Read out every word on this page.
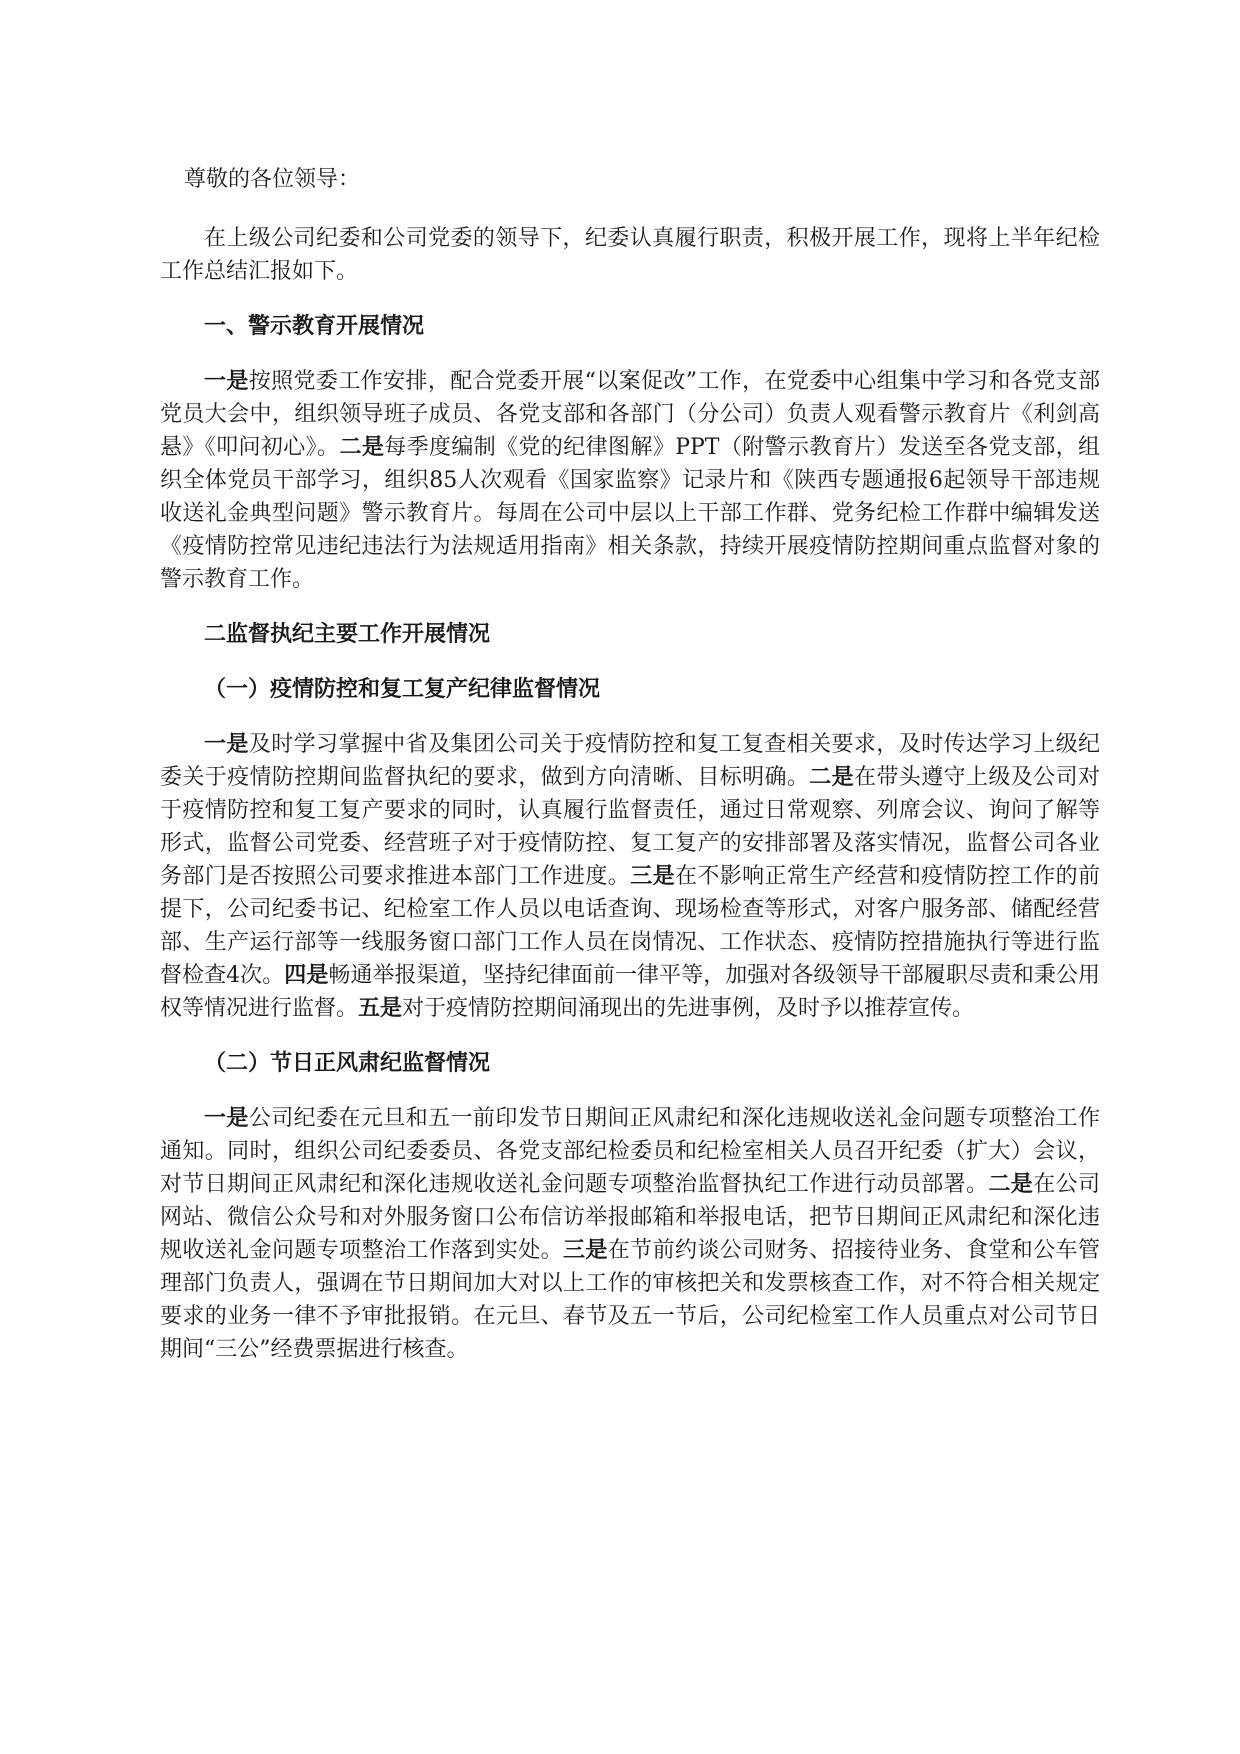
尊敬的各位领导：

在上级公司纪委和公司党委的领导下，纪委认真履行职责，积极开展工作，现将上半年纪检工作总结汇报如下。

一、警示教育开展情况

一是按照党委工作安排，配合党委开展“以案促改”工作，在党委中心组集中学习和各党支部党员大会中，组织领导班子成员、各党支部和各部门（分公司）负责人观看警示教育片《利剑高悬》《叩问初心》。二是每季度编制《党的纪律图解》PPT（附警示教育片）发送至各党支部，组织全体党员干部学习，组织85人次观看《国家监察》记录片和《陕西专题通报6起领导干部违规收送礼金典型问题》警示教育片。每周在公司中层以上干部工作群、党务纪检工作群中编辑发送《疫情防控常见违纪违法行为法规适用指南》相关条款，持续开展疫情防控期间重点监督对象的警示教育工作。

二监督执纪主要工作开展情况

（一）疫情防控和复工复产纪律监督情况

一是及时学习掌握中省及集团公司关于疫情防控和复工复查相关要求，及时传达学习上级纪委关于疫情防控期间监督执纪的要求，做到方向清晰、目标明确。二是在带头遵守上级及公司对于疫情防控和复工复产要求的同时，认真履行监督责任，通过日常观察、列席会议、询问了解等形式，监督公司党委、经营班子对于疫情防控、复工复产的安排部署及落实情况，监督公司各业务部门是否按照公司要求推进本部门工作进度。三是在不影响正常生产经营和疫情防控工作的前提下，公司纪委书记、纪检室工作人员以电话查询、现场检查等形式，对客户服务部、储配经营部、生产运行部等一线服务窗口部门工作人员在岗情况、工作状态、疫情防控措施执行等进行监督检查4次。四是畅通举报渠道，坚持纪律面前一律平等，加强对各级领导干部履职尽责和秉公用权等情况进行监督。五是对于疫情防控期间涌现出的先进事例，及时予以推荐宣传。

（二）节日正风肃纪监督情况

一是公司纪委在元旦和五一前印发节日期间正风肃纪和深化违规收送礼金问题专项整治工作通知。同时，组织公司纪委委员、各党支部纪检委员和纪检室相关人员召开纪委（扩大）会议，对节日期间正风肃纪和深化违规收送礼金问题专项整治监督执纪工作进行动员部署。二是在公司网站、微信公众号和对外服务窗口公布信访举报邮箱和举报电话，把节日期间正风肃纪和深化违规收送礼金问题专项整治工作落到实处。三是在节前约谈公司财务、招接待业务、食堂和公车管理部门负责人，强调在节日期间加大对以上工作的审核把关和发票核查工作，对不符合相关规定要求的业务一律不予审批报销。在元旦、春节及五一节后，公司纪检室工作人员重点对公司节日期间“三公”经费票据进行核查。
